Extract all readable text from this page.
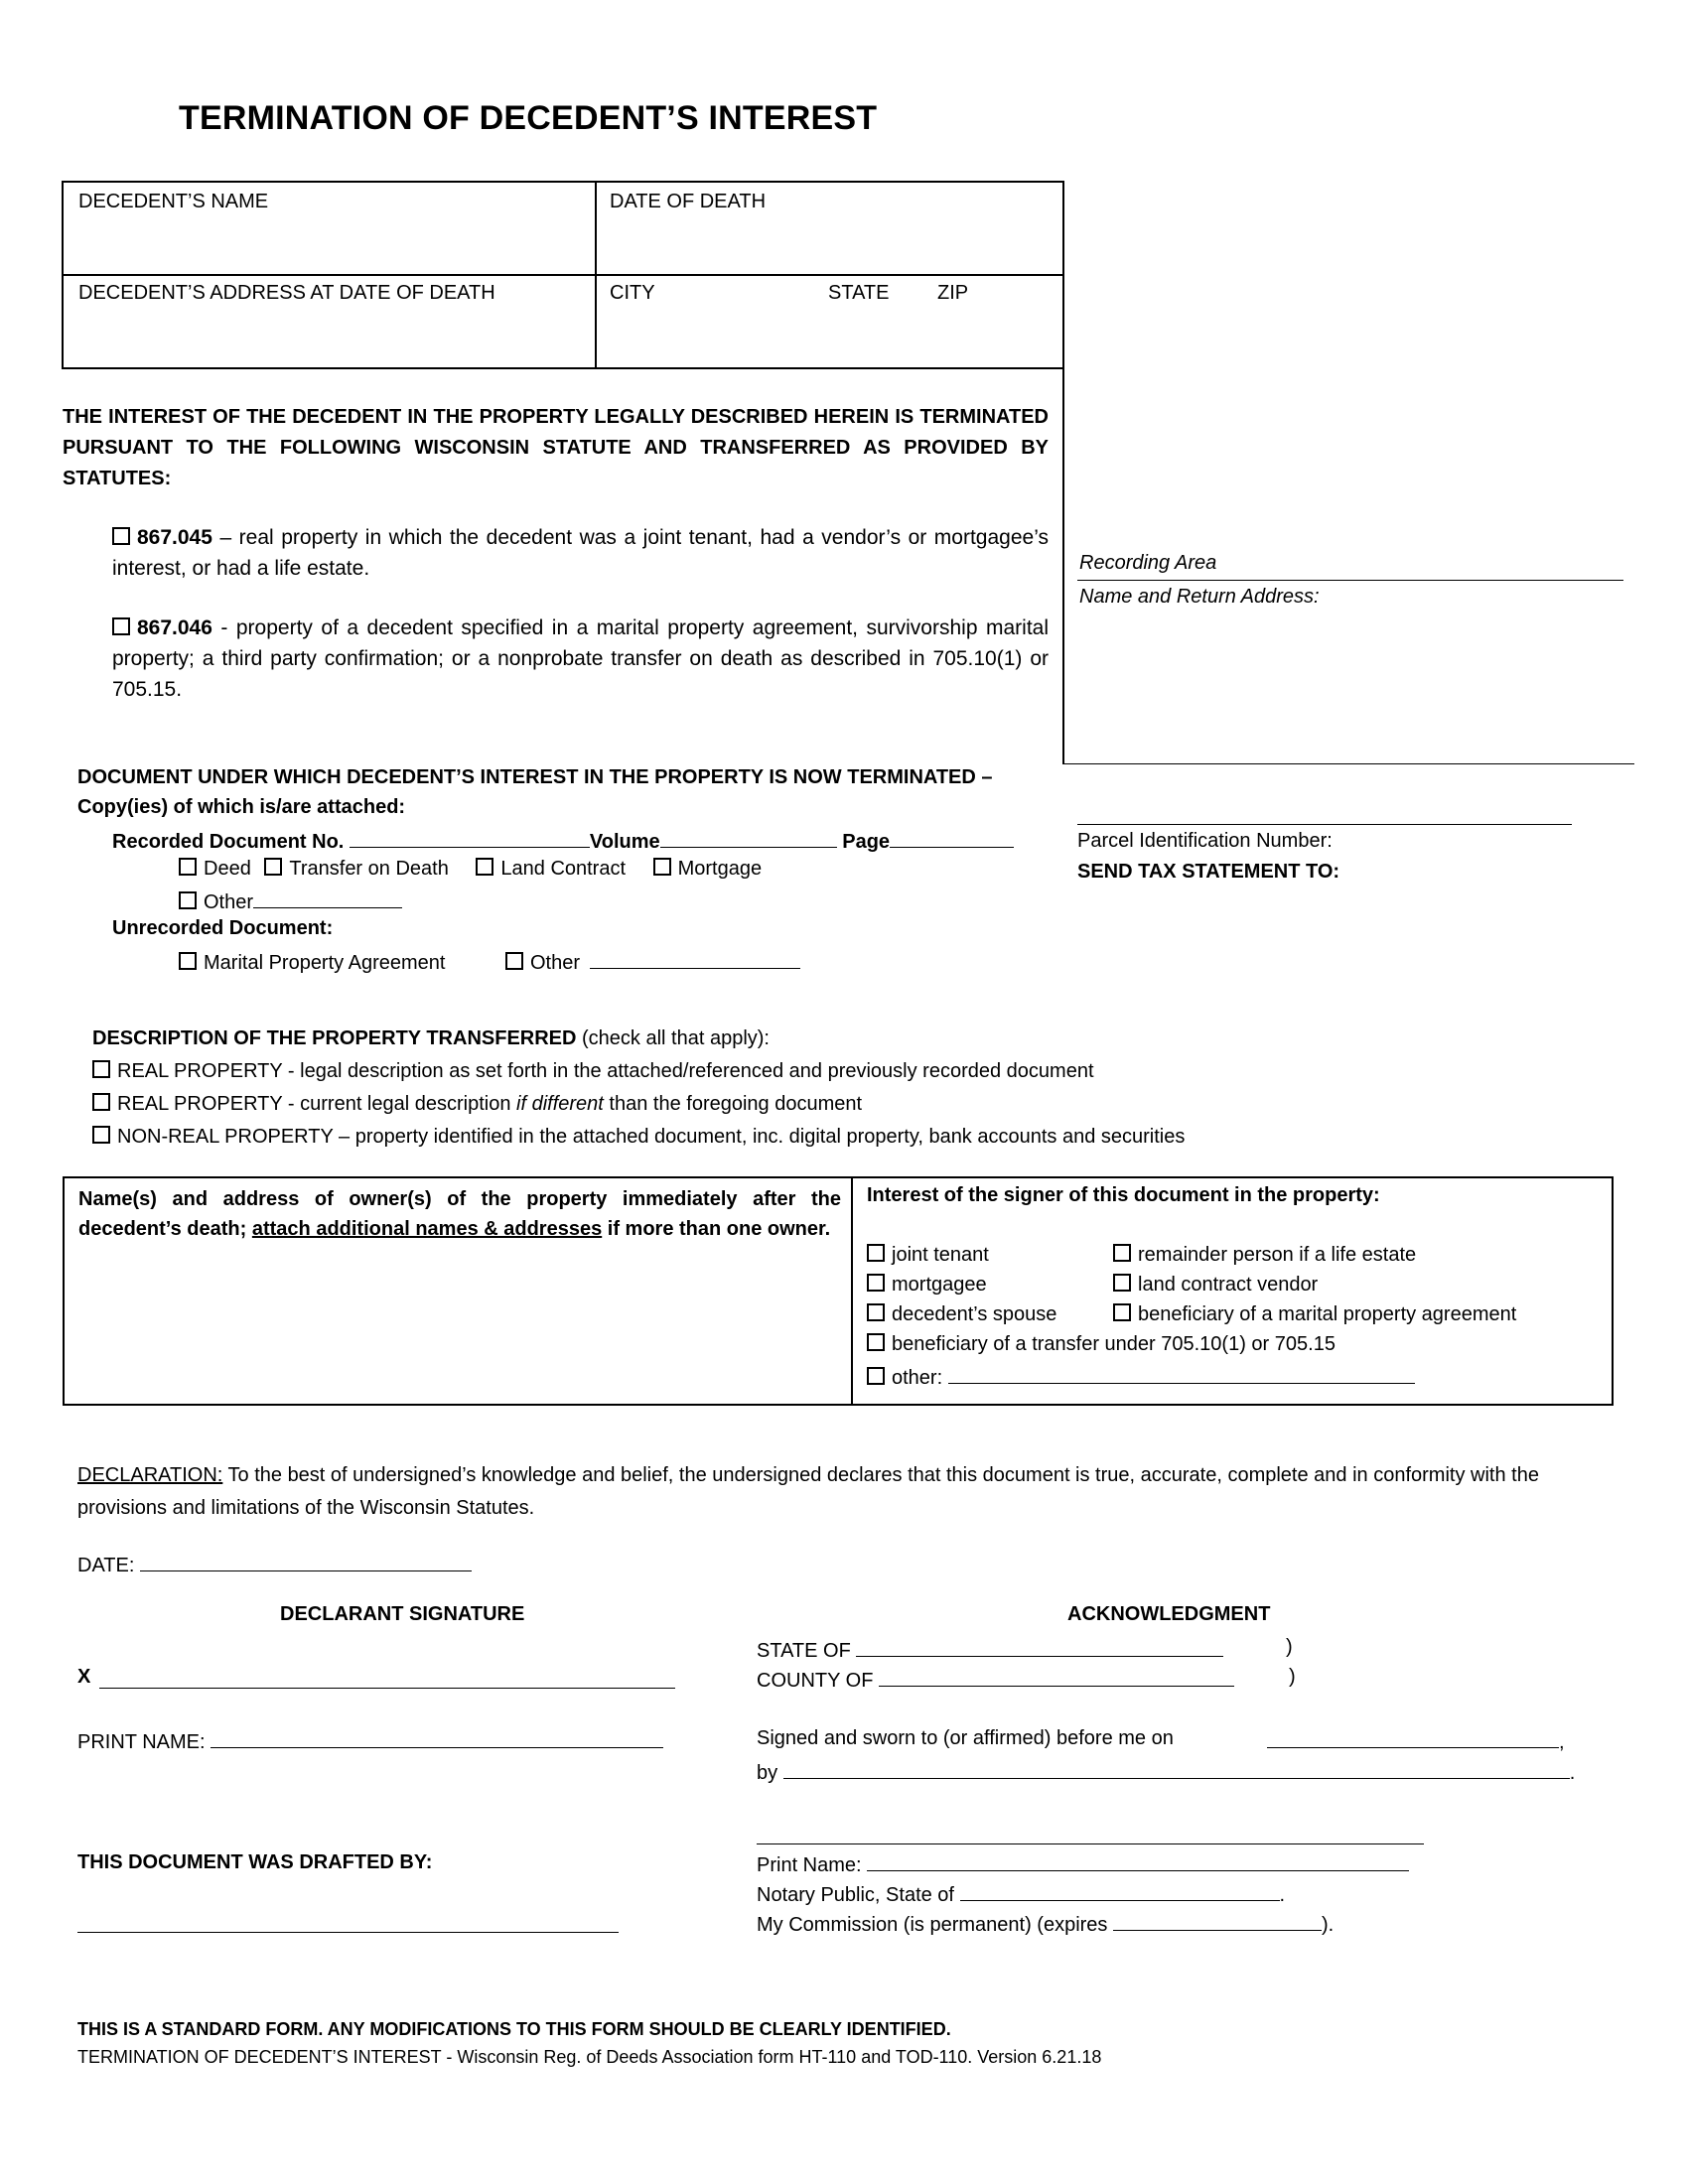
TERMINATION OF DECEDENT’S INTEREST
DECEDENT’S NAME	DATE OF DEATH
DECEDENT’S ADDRESS AT DATE OF DEATH	CITY	STATE ZIP
Recording Area
Name and Return Address:
THE INTEREST OF THE DECEDENT IN THE PROPERTY LEGALLY DESCRIBED HEREIN IS TERMINATED PURSUANT TO THE FOLLOWING WISCONSIN STATUTE AND TRANSFERRED AS PROVIDED BY STATUTES:
867.045 – real property in which the decedent was a joint tenant, had a vendor’s or mortgagee’s interest, or had a life estate.
867.046 - property of a decedent specified in a marital property agreement, survivorship marital property; a third party confirmation; or a nonprobate transfer on death as described in 705.10(1) or 705.15.
Parcel Identification Number:
SEND TAX STATEMENT TO:
DOCUMENT UNDER WHICH DECEDENT’S INTEREST IN THE PROPERTY IS NOW TERMINATED –
Copy(ies) of which is/are attached:
Recorded Document No.	Volume	Page
Deed Transfer on Death	Land Contract	Mortgage
Other
Unrecorded Document:
Marital Property Agreement	Other
DESCRIPTION OF THE PROPERTY TRANSFERRED (check all that apply):
REAL PROPERTY - legal description as set forth in the attached/referenced and previously recorded document
REAL PROPERTY - current legal description if different than the foregoing document
NON-REAL PROPERTY – property identified in the attached document, inc. digital property, bank accounts and securities
Name(s) and address of owner(s) of the property immediately after the decedent’s death; attach additional names & addresses if more than one owner.
Interest of the signer of this document in the property:
joint tenant	remainder person if a life estate
mortgagee	land contract vendor
decedent’s spouse	beneficiary of a marital property agreement
beneficiary of a transfer under 705.10(1) or 705.15
other:
DECLARATION: To the best of undersigned’s knowledge and belief, the undersigned declares that this document is true, accurate, complete and in conformity with the provisions and limitations of the Wisconsin Statutes.
DATE:
DECLARANT SIGNATURE
X
PRINT NAME:
THIS DOCUMENT WAS DRAFTED BY:
ACKNOWLEDGMENT
STATE OF	)
COUNTY OF	)
Signed and sworn to (or affirmed) before me on	,
by	.
Print Name:
Notary Public, State of	.
My Commission (is permanent) (expires	).
THIS IS A STANDARD FORM. ANY MODIFICATIONS TO THIS FORM SHOULD BE CLEARLY IDENTIFIED.
TERMINATION OF DECEDENT’S INTEREST - Wisconsin Reg. of Deeds Association form HT-110 and TOD-110. Version 6.21.18
